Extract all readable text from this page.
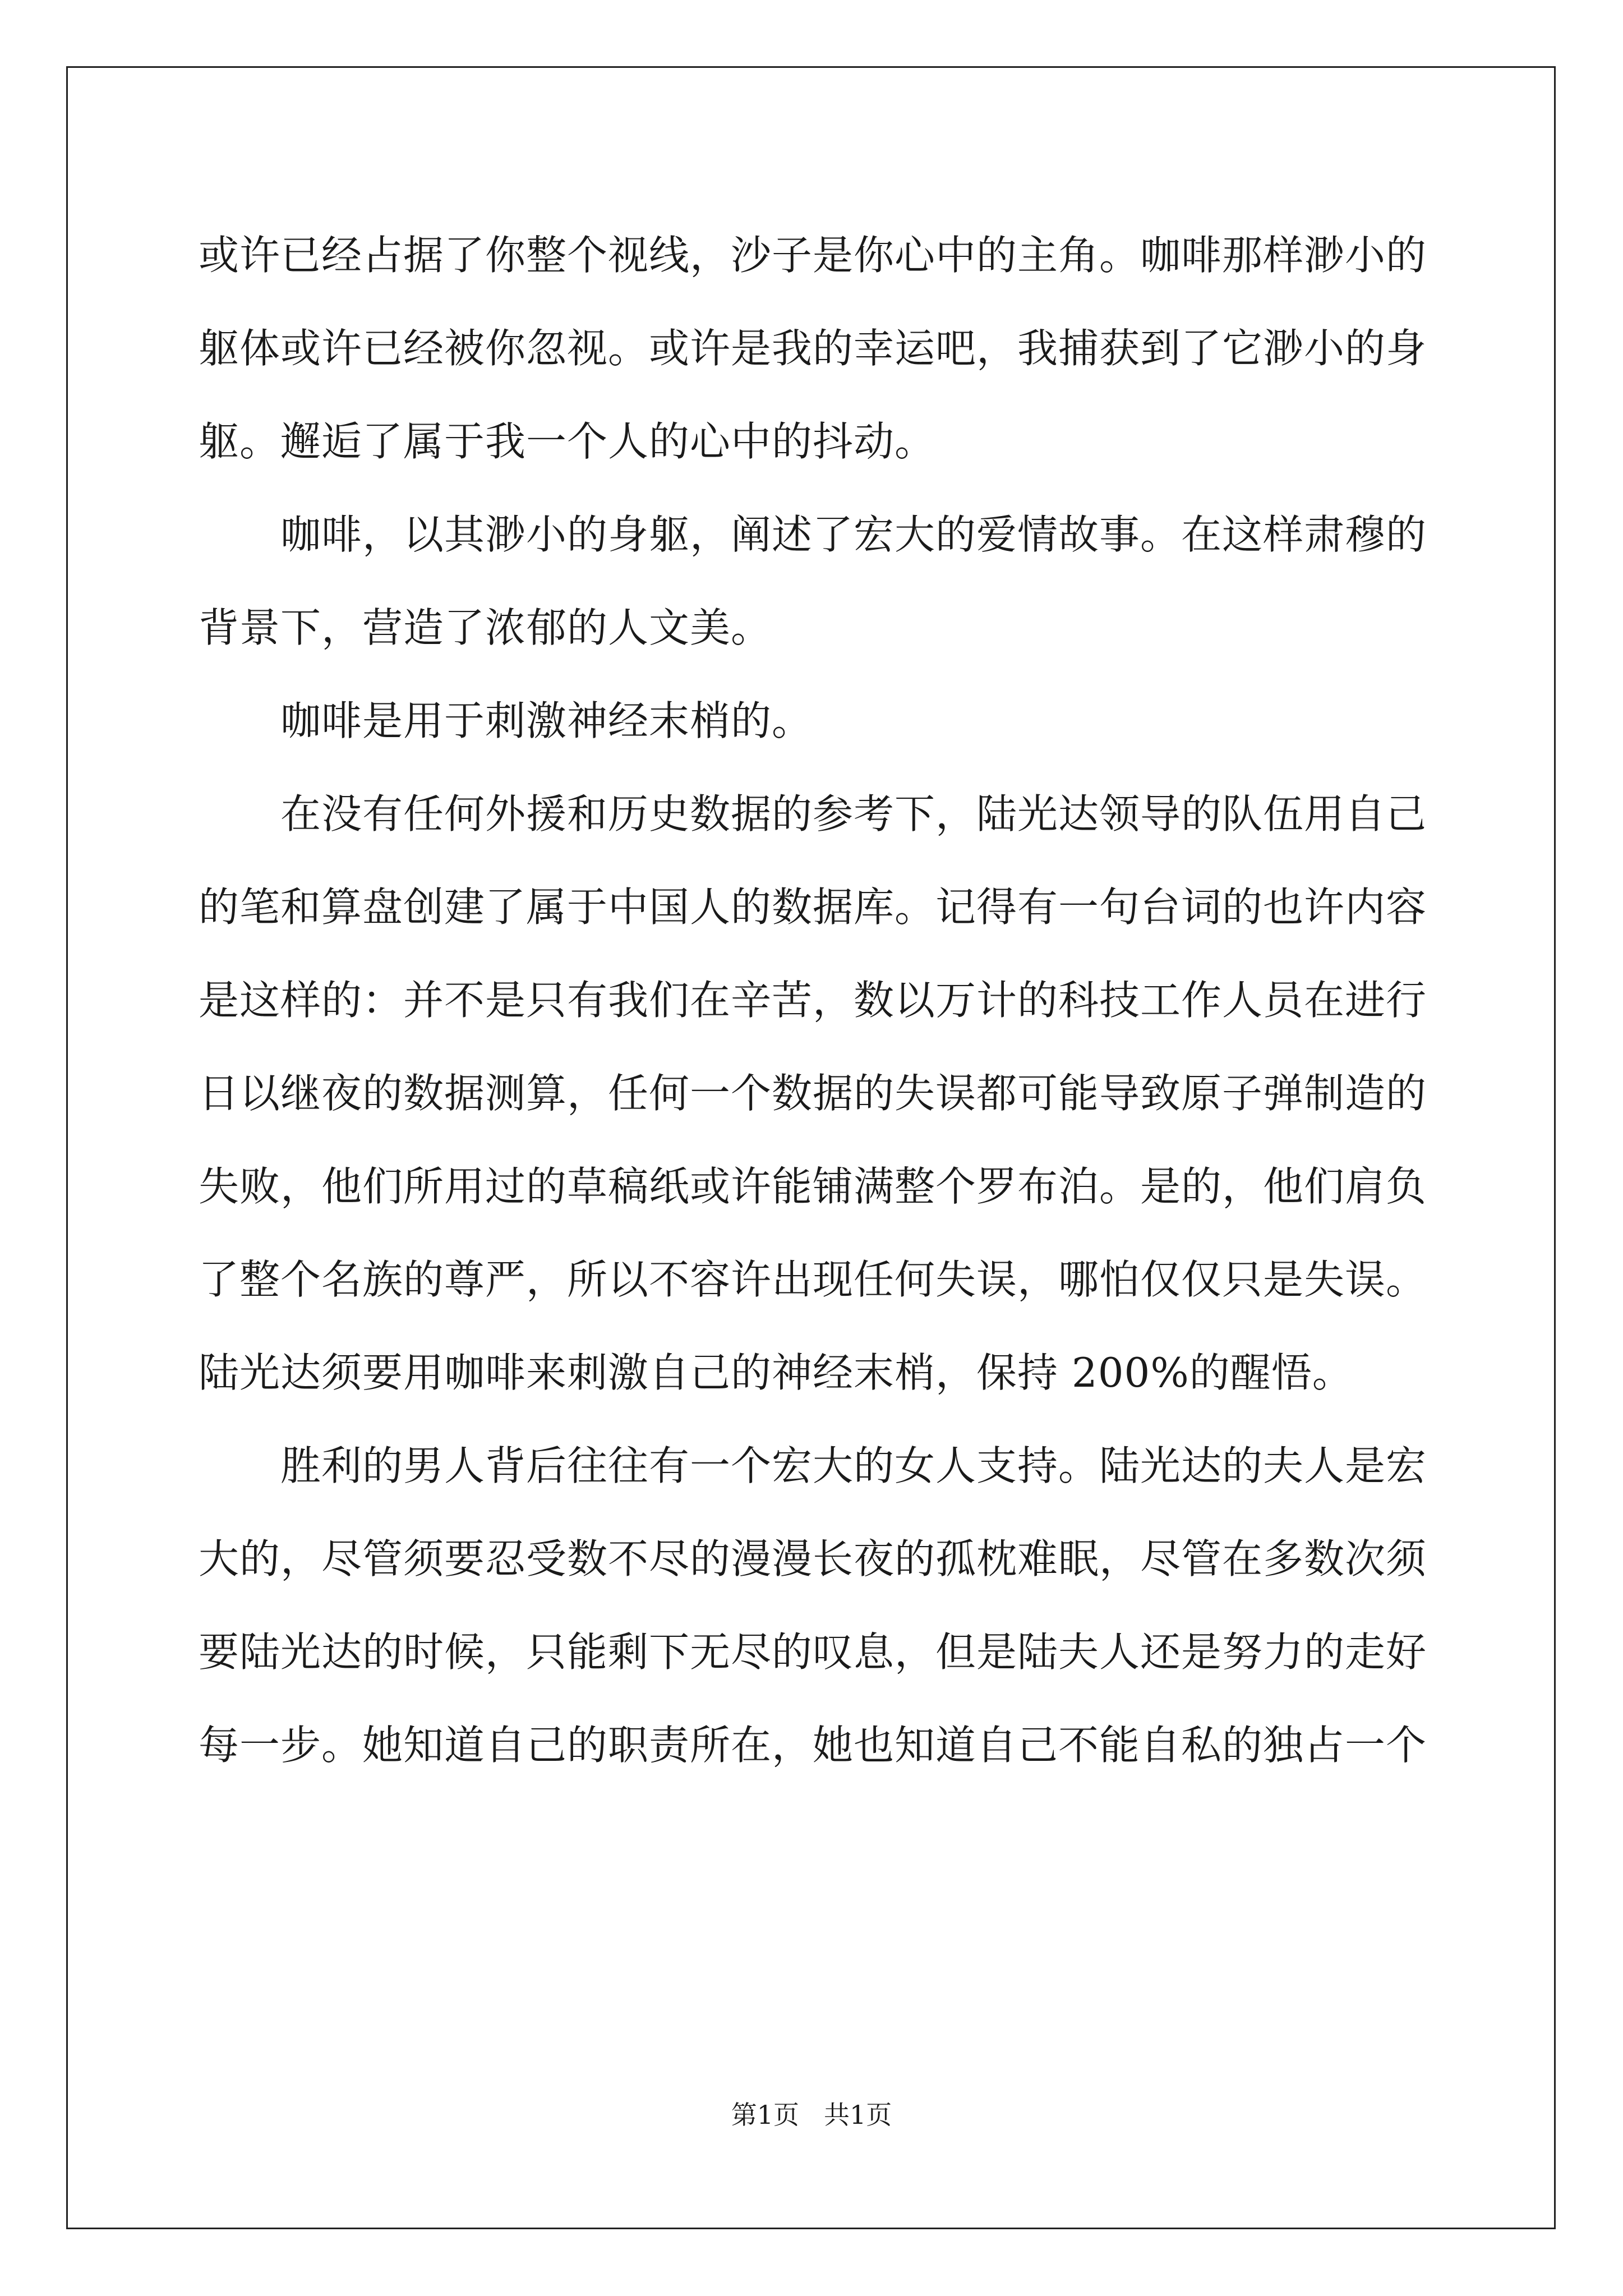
或许已经占据了你整个视线，沙子是你心中的主角。咖啡那样渺小的
躯体或许已经被你忽视。或许是我的幸运吧，我捕获到了它渺小的身
躯。邂逅了属于我一个人的心中的抖动。
咖啡，以其渺小的身躯，阐述了宏大的爱情故事。在这样肃穆的
背景下，营造了浓郁的人文美。
咖啡是用于刺激神经末梢的。
在没有任何外援和历史数据的参考下，陆光达领导的队伍用自己
的笔和算盘创建了属于中国人的数据库。记得有一句台词的也许内容
是这样的：并不是只有我们在辛苦，数以万计的科技工作人员在进行
日以继夜的数据测算，任何一个数据的失误都可能导致原子弹制造的
失败，他们所用过的草稿纸或许能铺满整个罗布泊。是的，他们肩负
了整个名族的尊严，所以不容许出现任何失误，哪怕仅仅只是失误。
陆光达须要用咖啡来刺激自己的神经末梢，保持 200%的醒悟。
胜利的男人背后往往有一个宏大的女人支持。陆光达的夫人是宏
大的，尽管须要忍受数不尽的漫漫长夜的孤枕难眠，尽管在多数次须
要陆光达的时候，只能剩下无尽的叹息，但是陆夫人还是努力的走好
每一步。她知道自己的职责所在，她也知道自己不能自私的独占一个
第1页 共1页
